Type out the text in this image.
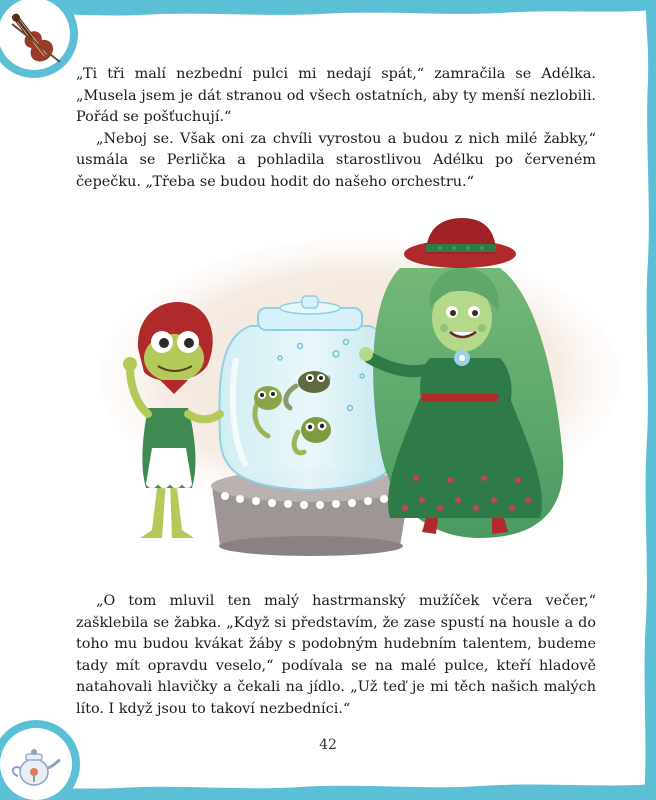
„Ti tři malí nezbední pulci mi nedají spát,“ zamračila se Adélka. „Musela jsem je dát stranou od všech ostatních, aby ty menší nezlobili. Pořád se pošťuchují.“

„Neboj se. Však oni za chvíli vyrostou a budou z nich milé žabky,“ usmála se Perlička a pohladila starostlivou Adélku po červeném čepečku. „Třeba se budou hodit do našeho orchestru.“

„O tom mluvil ten malý hastrmanský mužíček včera večer,“ zašklebila se žabka. „Když si představím, že zase spustí na housle a do toho mu budou kvákat žáby s podobným hudebním talentem, budeme tady mít opravdu veselo,“ podívala se na malé pulce, kteří hladově natahovali hlavičky a čekali na jídlo. „Už teď je mi těch našich malých líto. I když jsou to takoví nezbedníci.“

42
